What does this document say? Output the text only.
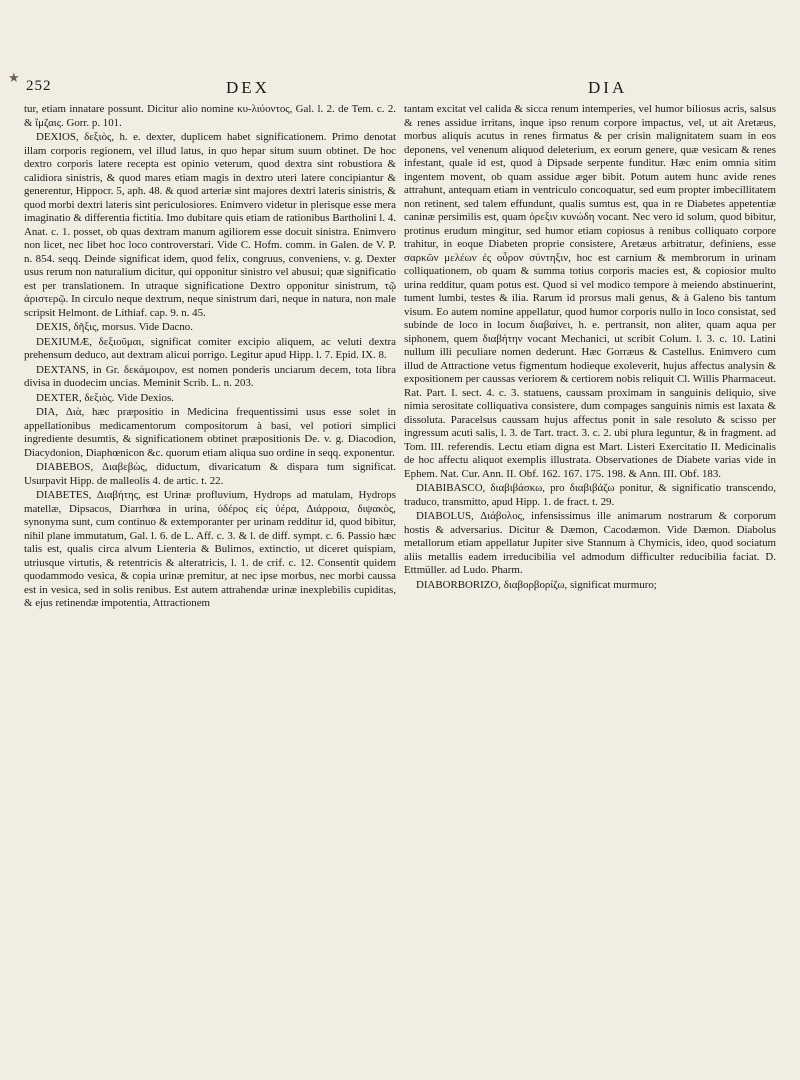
★
252	DEX	DIA

tur, etiam innatare possunt. Dicitur alio nomine κυ-λιύοντος, Gal. l. 2. de Tem. c. 2. & ἴμζαις. Gorr. p. 101.

DEXIOS, δεξιὸς, h. e. dexter, duplicem habet significationem. Primo denotat illam corporis regionem, vel illud latus, in quo hepar situm suum obtinet. De hoc dextro corporis latere recepta est opinio veterum, quod dextra sint robustiora & calidiora sinistris, & quod mares etiam magis in dextro uteri latere concipiantur & generentur, Hippocr. 5, aph. 48. & quod arteriæ sint majores dextri lateris sinistris, & quod morbi dextri lateris sint periculosiores. Enimvero videtur in plerisque esse mera imaginatio & differentia fictitia. Imo dubitare quis etiam de rationibus Bartholini l. 4. Anat. c. 1. posset, ob quas dextram manum agiliorem esse docuit sinistra. Enimvero non licet, nec libet hoc loco controverstari. Vide C. Hofm. comm. in Galen. de V. P. n. 854. seqq. Deinde significat idem, quod felix, congruus, conveniens, v. g. Dexter usus rerum non naturalium dicitur, qui opponitur sinistro vel abusui; quæ significatio est per translationem. In utraque significatione Dextro opponitur sinistrum, τῷ ἀριστερῷ. In circulo neque dextrum, neque sinistrum dari, neque in natura, non male scripsit Helmont. de Lithiaf. cap. 9. n. 45.

DEXIS, δῆξις, morsus. Vide Dacno.

DEXIUMÆ, δεξιοῦμαι, significat comiter excipio aliquem, ac veluti dextra prehensum deduco, aut dextram alicui porrigo. Legitur apud Hipp. l. 7. Epid. IX. 8.

DEXTANS, in Gr. δεκάμοιρον, est nomen ponderis unciarum decem, tota libra divisa in duodecim uncias. Meminit Scrib. L. n. 203.

DEXTER, δεξιὸς. Vide Dexios.

DIA, Διὰ, hæc præpositio in Medicina frequentissimi usus esse solet in appellationibus medicamentorum compositorum à basi, vel potiori simplici ingrediente desumtis, & significationem obtinet præpositionis De. v. g. Diacodion, Diacydonion, Diaphœnicon &c. quorum etiam aliqua suo ordine in seqq. exponentur.

DIABEBOS, Διαβεβὼς, diductum, divaricatum & dispara tum significat. Usurpavit Hipp. de malleolis 4. de artic. t. 22.

DIABETES, Διαβήτης, est Urinæ profluvium, Hydrops ad matulam, Hydrops matellæ, Dipsacos, Diarrhœa in urina, ὑδέρος εἰς ὑέρα, Διάρροια, διψακὸς, synonyma sunt, cum continuo & extemporanter per urinam redditur id, quod bibitur, nihil plane immutatum, Gal. l. 6. de L. Aff. c. 3. & l. de diff. sympt. c. 6. Passio hæc talis est, qualis circa alvum Lienteria & Bulimos, extinctio, ut diceret quispiam, utriusque virtutis, & retentricis & alteratricis, l. 1. de crif. c. 12. Consentit quidem quodammodo vesica, & copia urinæ premitur, at nec ipse morbus, nec morbi caussa est in vesica, sed in solis renibus. Est autem attrahendæ urinæ inexplebilis cupiditas, & ejus retinendæ impotentia, Attractionem

tantam excitat vel calida & sicca renum intemperies, vel humor biliosus acris, salsus & renes assidue irritans, inque ipso renum corpore impactus, vel, ut ait Aretæus, morbus aliquis acutus in renes firmatus & per crisin malignitatem suam in eos deponens, vel venenum aliquod deleterium, ex eorum genere, quæ vesicam & renes infestant, quale id est, quod à Dipsade serpente funditur. Hæc enim omnia sitim ingentem movent, ob quam assidue æger bibit. Potum autem hunc avide renes attrahunt, antequam etiam in ventriculo concoquatur, sed eum propter imbecillitatem non retinent, sed talem effundunt, qualis sumtus est, qua in re Diabetes appetentiæ caninæ persimilis est, quam ὀρεξιν κυνώδη vocant. Nec vero id solum, quod bibitur, protinus erudum mingitur, sed humor etiam copiosus à renibus colliquato corpore trahitur, in eoque Diabeten proprie consistere, Aretæus arbitratur, definiens, esse σαρκῶν μελέων ἐς οὖρον σύντηξιν, hoc est carnium & membrorum in urinam colliquationem, ob quam & summa totius corporis macies est, & copiosior multo urina redditur, quam potus est. Quod si vel modico tempore à meiendo abstinuerint, tument lumbi, testes & ilia. Rarum id prorsus mali genus, & à Galeno bis tantum visum. Eo autem nomine appellatur, quod humor corporis nullo in loco consistat, sed subinde de loco in locum διαβαίνει, h. e. pertransit, non aliter, quam aqua per siphonem, quem διαβήτην vocant Mechanici, ut scribit Colum. l. 3. c. 10. Latini nullum illi peculiare nomen dederunt. Hæc Gorræus & Castellus. Enimvero cum illud de Attractione vetus figmentum hodieque exoleverit, hujus affectus analysin & expositionem per caussas veriorem & certiorem nobis reliquit Cl. Willis Pharmaceut. Rat. Part. I. sect. 4. c. 3. statuens, caussam proximam in sanguinis deliquio, sive nimia serositate colliquativa consistere, dum compages sanguinis nimis est laxata & dissoluta. Paracelsus caussam hujus affectus ponit in sale resoluto & scisso per ingressum acuti salis, l. 3. de Tart. tract. 3. c. 2. ubi plura leguntur, & in fragment. ad Tom. III. referendis. Lectu etiam digna est Mart. Listeri Exercitatio II. Medicinalis de hoc affectu aliquot exemplis illustrata. Observationes de Diabete varias vide in Ephem. Nat. Cur. Ann. II. Obf. 162. 167. 175. 198. & Ann. III. Obf. 183.

DIABIBASCO, διαβιβάσκω, pro διαβιβάζω ponitur, & significatio transcendo, traduco, transmitto, apud Hipp. 1. de fract. t. 29.

DIABOLUS, Διάβολος, infensissimus ille animarum nostrarum & corporum hostis & adversarius. Dicitur & Dæmon, Cacodæmon. Vide Dæmon. Diabolus metallorum etiam appellatur Jupiter sive Stannum à Chymicis, ideo, quod sociatum aliis metallis eadem irreducibilia vel admodum difficulter reducibilia faciat. D. Ettmüller. ad Ludo. Pharm.

DIABORBORIZO, διαβορβορίζω, significat murmuro;
